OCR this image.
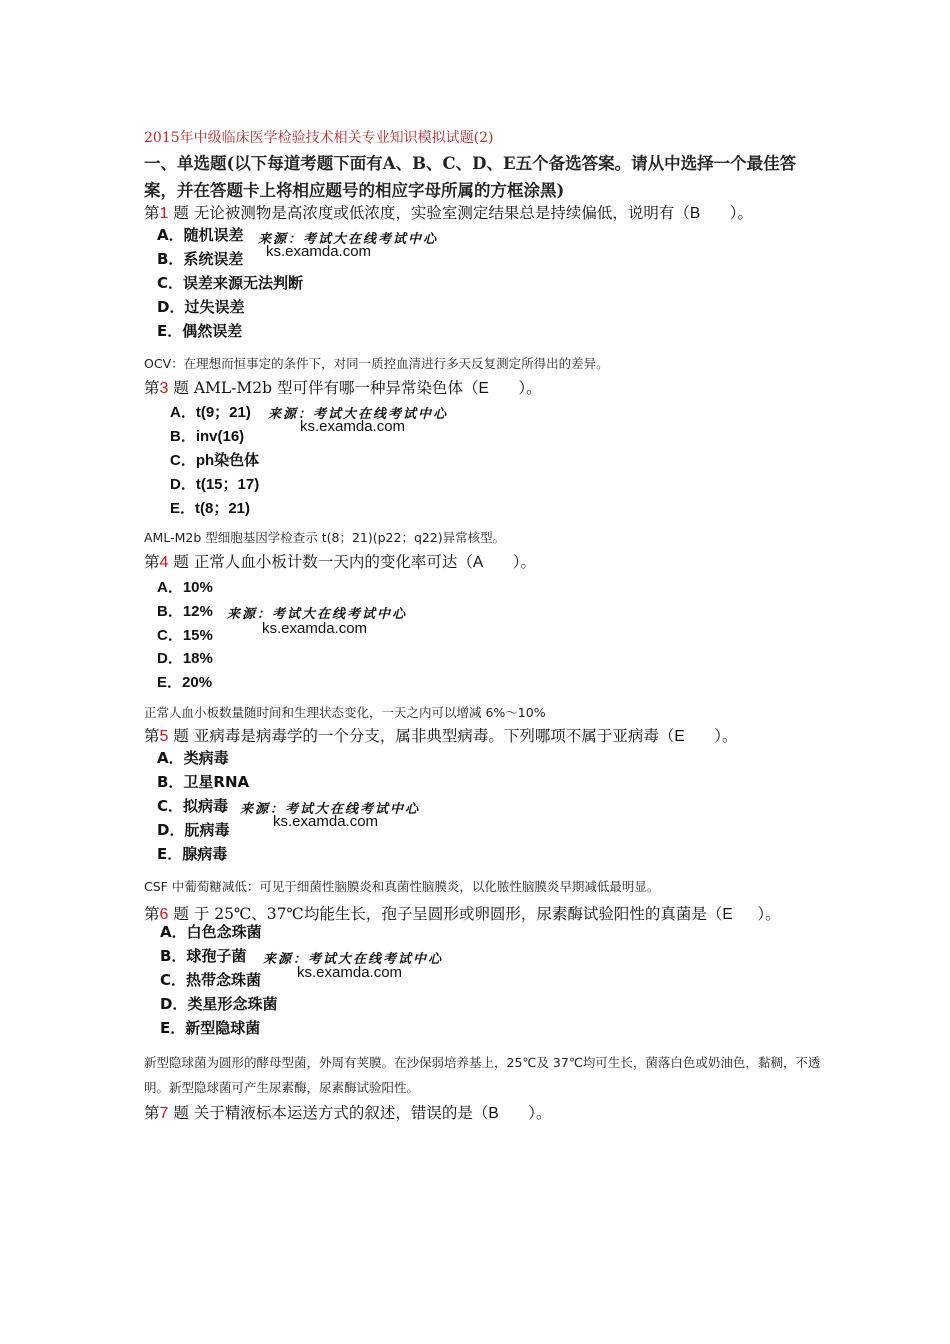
2015年中级临床医学检验技术相关专业知识模拟试题(2)
一、单选题(以下每道考题下面有A、B、C、D、E五个备选答案。请从中选择一个最佳答案，并在答题卡上将相应题号的相应字母所属的方框涂黑)
第1 题 无论被测物是高浓度或低浓度，实验室测定结果总是持续偏低，说明有（B ）。
A．随机误差
B．系统误差
C．误差来源无法判断
D．过失误差
E．偶然误差
来源：考试大在线考试中心
ks.examda.com
OCV：在理想而恒事定的条件下，对同一质控血清进行多天反复测定所得出的差异。
第3 题 AML-M2b 型可伴有哪一种异常染色体（E ）。
A．t(9；21)
B．inv(16)
C．ph染色体
D．t(15；17)
E．t(8；21)
来源：考试大在线考试中心
ks.examda.com
AML-M2b 型细胞基因学检查示 t(8；21)(p22；q22)异常核型。
第4 题 正常人血小板计数一天内的变化率可达（A ）。
A．10%
B．12%
C．15%
D．18%
E．20%
来源：考试大在线考试中心
ks.examda.com
正常人血小板数量随时间和生理状态变化，一天之内可以增减 6%～10%
第5 题 亚病毒是病毒学的一个分支，属非典型病毒。下列哪项不属于亚病毒（E ）。
A．类病毒
B．卫星RNA
C．拟病毒
D．朊病毒
E．腺病毒
来源：考试大在线考试中心
ks.examda.com
CSF 中葡萄糖减低：可见于细菌性脑膜炎和真菌性脑膜炎，以化脓性脑膜炎早期减低最明显。
第6 题 于 25℃、37℃均能生长，孢子呈圆形或卵圆形，尿素酶试验阳性的真菌是（E ）。
A．白色念珠菌
B．球孢子菌
C．热带念珠菌
D．类星形念珠菌
E．新型隐球菌
来源：考试大在线考试中心
ks.examda.com
新型隐球菌为圆形的酵母型菌，外周有荚膜。在沙保弱培养基上，25℃及 37℃均可生长，菌落白色或奶油色，黏稠，不透明。新型隐球菌可产生尿素酶，尿素酶试验阳性。
第7 题 关于精液标本运送方式的叙述，错误的是（B ）。
